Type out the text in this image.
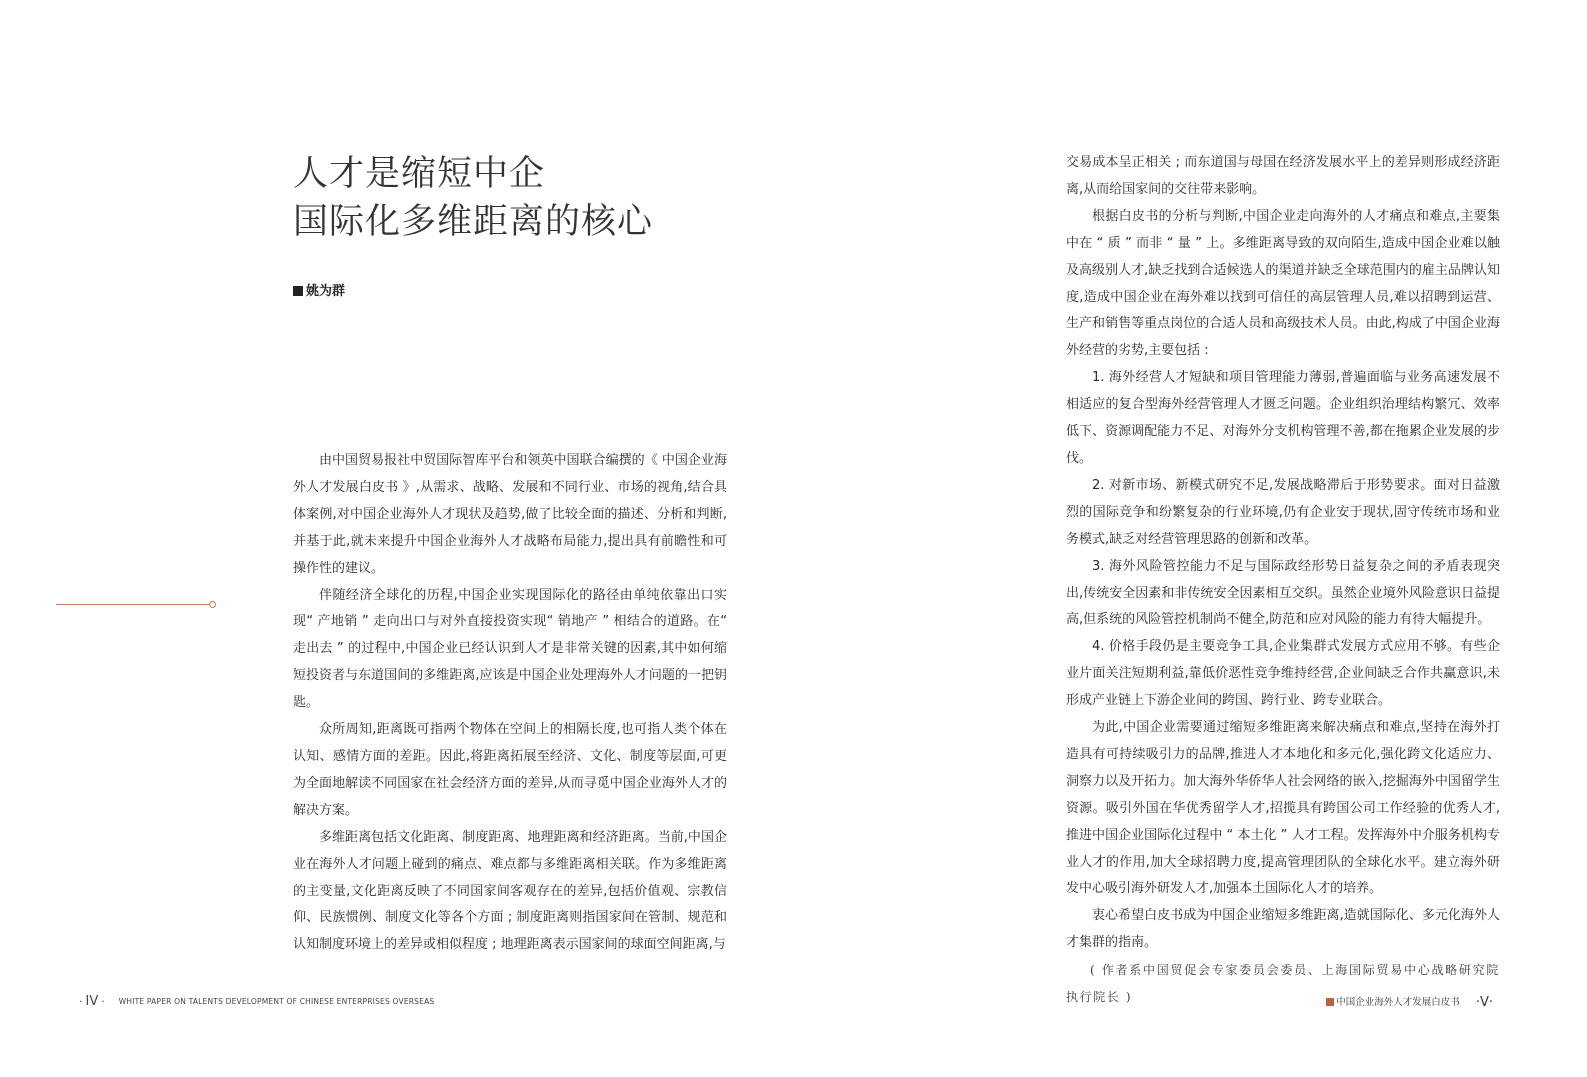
人才是缩短中企
国际化多维距离的核心
姚为群

由中国贸易报社中贸国际智库平台和领英中国联合编撰的《 中国企业海外人才发展白皮书 》,从需求、战略、发展和不同行业、市场的视角,结合具体案例,对中国企业海外人才现状及趋势,做了比较全面的描述、分析和判断,并基于此,就未来提升中国企业海外人才战略布局能力,提出具有前瞻性和可操作性的建议。

伴随经济全球化的历程,中国企业实现国际化的路径由单纯依靠出口实现“ 产地销 ” 走向出口与对外直接投资实现“ 销地产 ” 相结合的道路。在“ 走出去 ” 的过程中,中国企业已经认识到人才是非常关键的因素,其中如何缩短投资者与东道国间的多维距离,应该是中国企业处理海外人才问题的一把钥匙。

众所周知,距离既可指两个物体在空间上的相隔长度,也可指人类个体在认知、感情方面的差距。因此,将距离拓展至经济、文化、制度等层面,可更为全面地解读不同国家在社会经济方面的差异,从而寻觅中国企业海外人才的解决方案。

多维距离包括文化距离、制度距离、地理距离和经济距离。当前,中国企业在海外人才问题上碰到的痛点、难点都与多维距离相关联。作为多维距离的主变量,文化距离反映了不同国家间客观存在的差异,包括价值观、宗教信仰、民族惯例、制度文化等各个方面 ; 制度距离则指国家间在管制、规范和认知制度环境上的差异或相似程度 ; 地理距离表示国家间的球面空间距离,与

交易成本呈正相关 ; 而东道国与母国在经济发展水平上的差异则形成经济距离,从而给国家间的交往带来影响。

根据白皮书的分析与判断,中国企业走向海外的人才痛点和难点,主要集中在 “ 质 ” 而非 “ 量 ” 上。多维距离导致的双向陌生,造成中国企业难以触及高级别人才,缺乏找到合适候选人的渠道并缺乏全球范围内的雇主品牌认知度,造成中国企业在海外难以找到可信任的高层管理人员,难以招聘到运营、生产和销售等重点岗位的合适人员和高级技术人员。由此,构成了中国企业海外经营的劣势,主要包括 :

1. 海外经营人才短缺和项目管理能力薄弱,普遍面临与业务高速发展不相适应的复合型海外经营管理人才匮乏问题。企业组织治理结构繁冗、效率低下、资源调配能力不足、对海外分支机构管理不善,都在拖累企业发展的步伐。

2. 对新市场、新模式研究不足,发展战略滞后于形势要求。面对日益激烈的国际竞争和纷繁复杂的行业环境,仍有企业安于现状,固守传统市场和业务模式,缺乏对经营管理思路的创新和改革。

3. 海外风险管控能力不足与国际政经形势日益复杂之间的矛盾表现突出,传统安全因素和非传统安全因素相互交织。虽然企业境外风险意识日益提高,但系统的风险管控机制尚不健全,防范和应对风险的能力有待大幅提升。

4. 价格手段仍是主要竞争工具,企业集群式发展方式应用不够。有些企业片面关注短期利益,靠低价恶性竞争维持经营,企业间缺乏合作共赢意识,未形成产业链上下游企业间的跨国、跨行业、跨专业联合。

为此,中国企业需要通过缩短多维距离来解决痛点和难点,坚持在海外打造具有可持续吸引力的品牌,推进人才本地化和多元化,强化跨文化适应力、洞察力以及开拓力。加大海外华侨华人社会网络的嵌入,挖掘海外中国留学生资源。吸引外国在华优秀留学人才,招揽具有跨国公司工作经验的优秀人才,推进中国企业国际化过程中 “ 本土化 ” 人才工程。发挥海外中介服务机构专业人才的作用,加大全球招聘力度,提高管理团队的全球化水平。建立海外研发中心吸引海外研发人才,加强本土国际化人才的培养。

衷心希望白皮书成为中国企业缩短多维距离,造就国际化、多元化海外人才集群的指南。

( 作者系中国贸促会专家委员会委员、上海国际贸易中心战略研究院执行院长 )

· IV · WHITE PAPER ON TALENTS DEVELOPMENT OF CHINESE ENTERPRISES OVERSEAS	中国企业海外人才发展白皮书 ·V·
